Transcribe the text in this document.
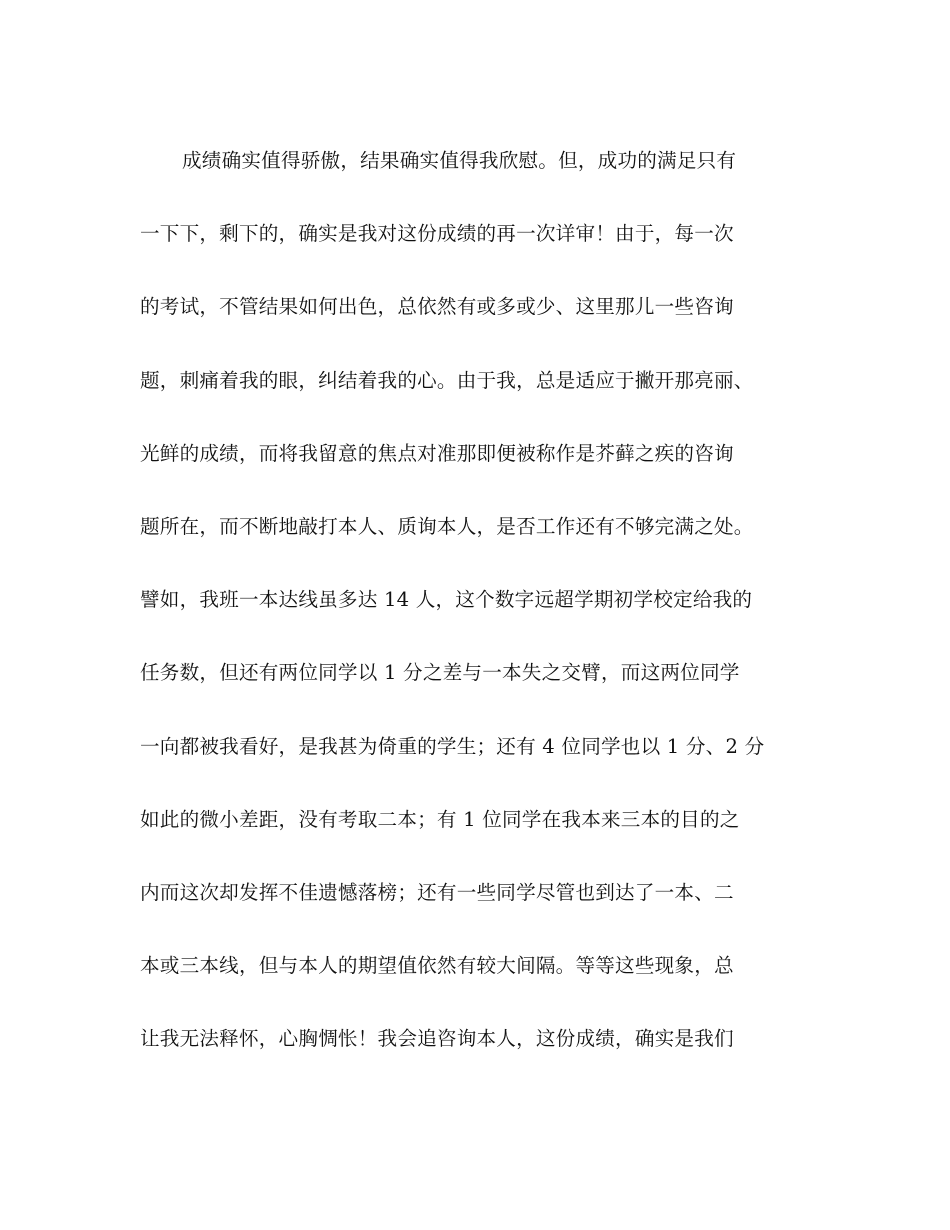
成绩确实值得骄傲，结果确实值得我欣慰。但，成功的满足只有
一下下，剩下的，确实是我对这份成绩的再一次详审！由于，每一次
的考试，不管结果如何出色，总依然有或多或少、这里那儿一些咨询
题，刺痛着我的眼，纠结着我的心。由于我，总是适应于撇开那亮丽、
光鲜的成绩，而将我留意的焦点对准那即便被称作是芥藓之疾的咨询
题所在，而不断地敲打本人、质询本人，是否工作还有不够完满之处。
譬如，我班一本达线虽多达 14 人，这个数字远超学期初学校定给我的
任务数，但还有两位同学以 1 分之差与一本失之交臂，而这两位同学
一向都被我看好，是我甚为倚重的学生；还有 4 位同学也以 1 分、2 分
如此的微小差距，没有考取二本；有 1 位同学在我本来三本的目的之
内而这次却发挥不佳遗憾落榜；还有一些同学尽管也到达了一本、二
本或三本线，但与本人的期望值依然有较大间隔。等等这些现象，总
让我无法释怀，心胸惆怅！我会追咨询本人，这份成绩，确实是我们
